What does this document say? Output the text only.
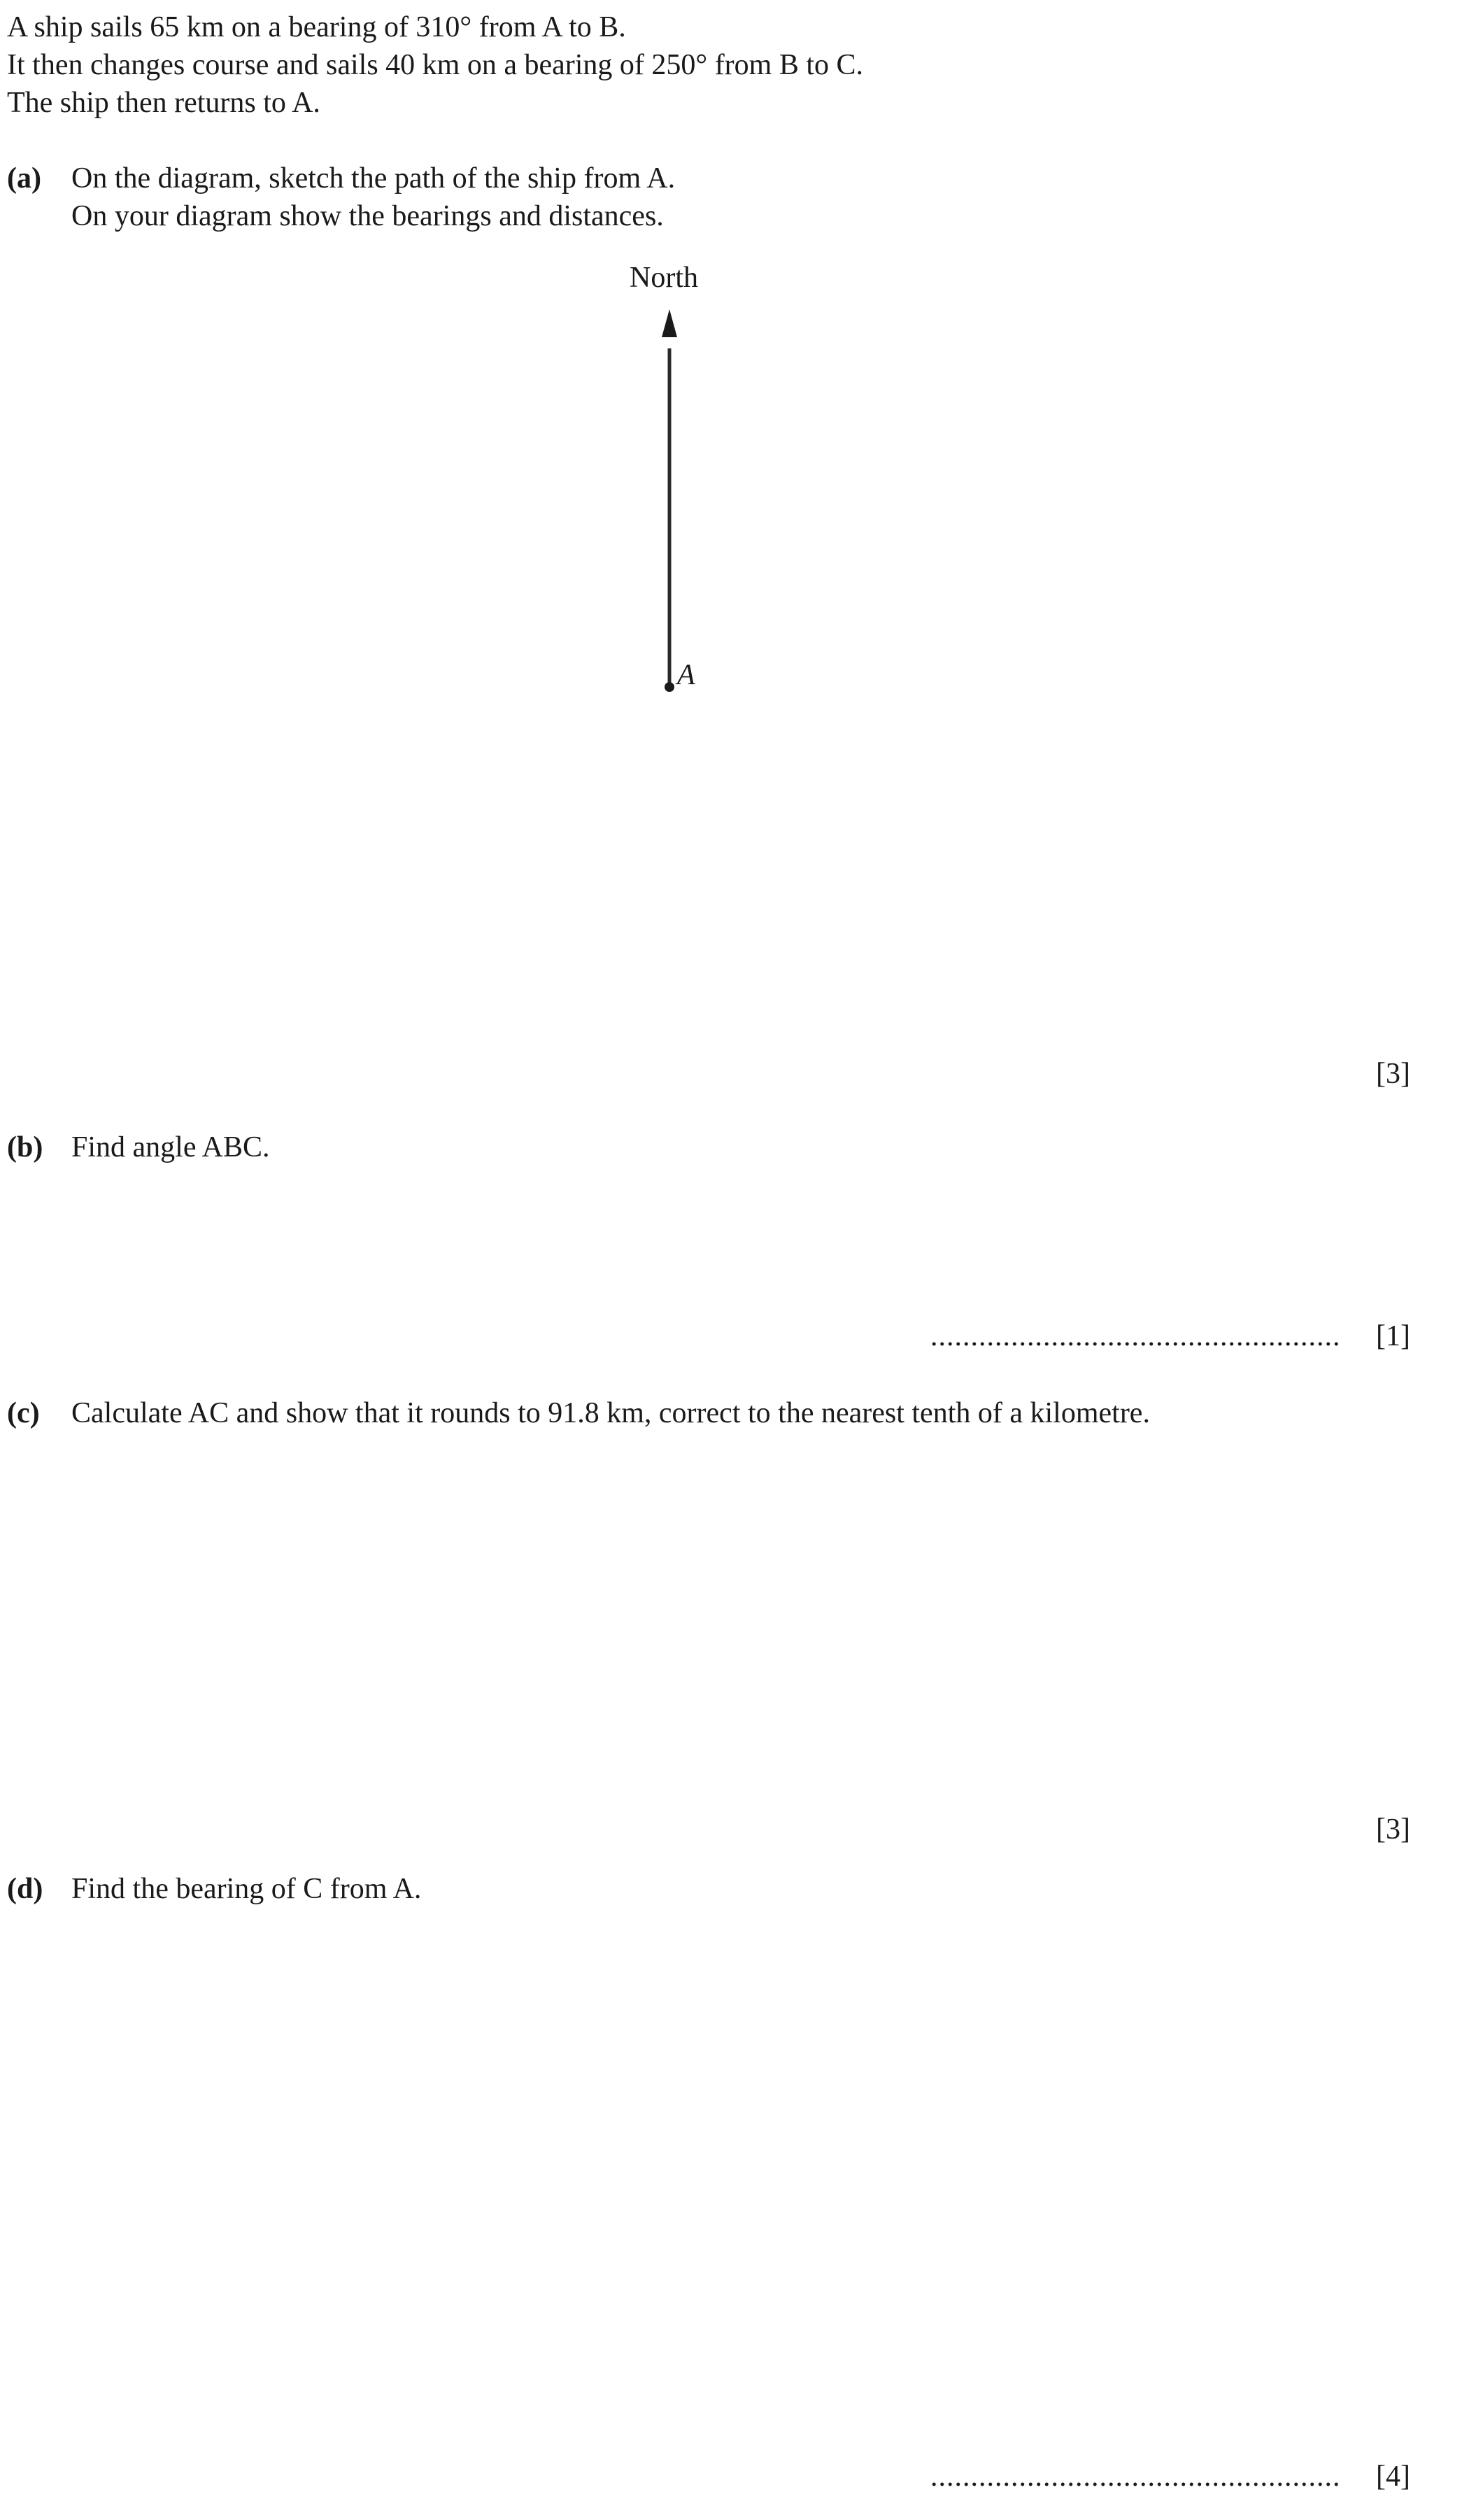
A ship sails 65 km on a bearing of 310° from A to B.
It then changes course and sails 40 km on a bearing of 250° from B to C.
The ship then returns to A.
(a) On the diagram, sketch the path of the ship from A.
On your diagram show the bearings and distances.
North
A
[3]
(b) Find angle ABC.
................................................... [1]
(c) Calculate AC and show that it rounds to 91.8 km, correct to the nearest tenth of a kilometre.
[3]
(d) Find the bearing of C from A.
................................................... [4]
